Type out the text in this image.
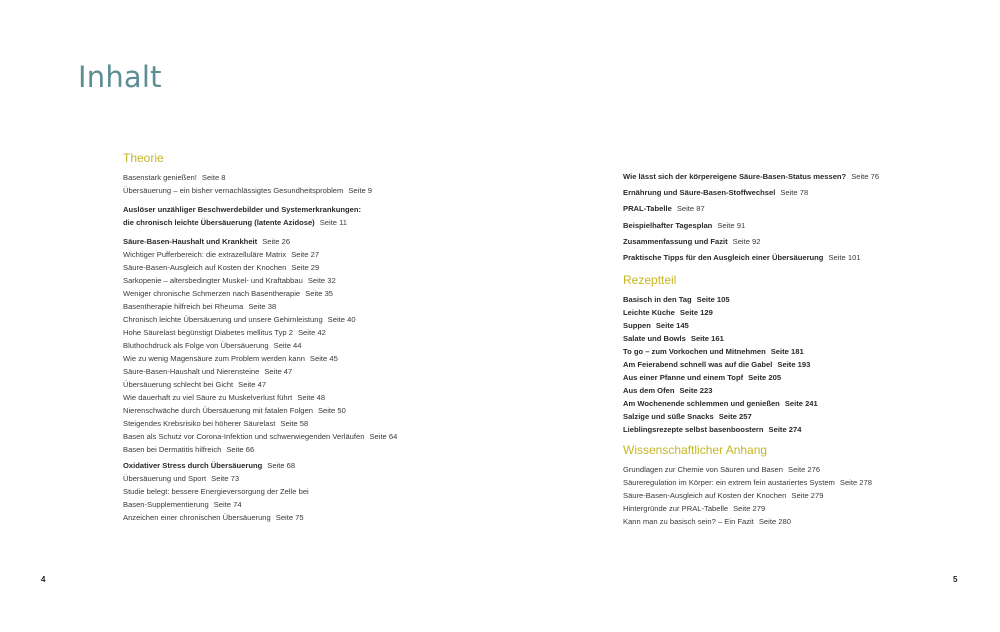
Inhalt
Theorie
Basenstark genießen! Seite 8
Übersäuerung – ein bisher vernachlässigtes Gesundheitsproblem Seite 9
Auslöser unzähliger Beschwerdebilder und Systemerkrankungen:
die chronisch leichte Übersäuerung (latente Azidose) Seite 11
Säure-Basen-Haushalt und Krankheit Seite 26
Wichtiger Pufferbereich: die extrazelluläre Matrix Seite 27
Säure-Basen-Ausgleich auf Kosten der Knochen Seite 29
Sarkopenie – altersbedingter Muskel- und Kraftabbau Seite 32
Weniger chronische Schmerzen nach Basentherapie Seite 35
Basentherapie hilfreich bei Rheuma Seite 38
Chronisch leichte Übersäuerung und unsere Gehirnleistung Seite 40
Hohe Säurelast begünstigt Diabetes mellitus Typ 2 Seite 42
Bluthochdruck als Folge von Übersäuerung Seite 44
Wie zu wenig Magensäure zum Problem werden kann Seite 45
Säure-Basen-Haushalt und Nierensteine Seite 47
Übersäuerung schlecht bei Gicht Seite 47
Wie dauerhaft zu viel Säure zu Muskelverlust führt Seite 48
Nierenschwäche durch Übersäuerung mit fatalen Folgen Seite 50
Steigendes Krebsrisiko bei höherer Säurelast Seite 58
Basen als Schutz vor Corona-Infektion und schwerwiegenden Verläufen Seite 64
Basen bei Dermatitis hilfreich Seite 66
Oxidativer Stress durch Übersäuerung Seite 68
Übersäuerung und Sport Seite 73
Studie belegt: bessere Energieversorgung der Zelle bei
Basen-Supplementierung Seite 74
Anzeichen einer chronischen Übersäuerung Seite 75
Wie lässt sich der körpereigene Säure-Basen-Status messen? Seite 76
Ernährung und Säure-Basen-Stoffwechsel Seite 78
PRAL-Tabelle Seite 87
Beispielhafter Tagesplan Seite 91
Zusammenfassung und Fazit Seite 92
Praktische Tipps für den Ausgleich einer Übersäuerung Seite 101
Rezeptteil
Basisch in den Tag Seite 105
Leichte Küche Seite 129
Suppen Seite 145
Salate und Bowls Seite 161
To go – zum Vorkochen und Mitnehmen Seite 181
Am Feierabend schnell was auf die Gabel Seite 193
Aus einer Pfanne und einem Topf Seite 205
Aus dem Ofen Seite 223
Am Wochenende schlemmen und genießen Seite 241
Salzige und süße Snacks Seite 257
Lieblingsrezepte selbst basenboostern Seite 274
Wissenschaftlicher Anhang
Grundlagen zur Chemie von Säuren und Basen Seite 276
Säureregulation im Körper: ein extrem fein austariertes System Seite 278
Säure-Basen-Ausgleich auf Kosten der Knochen Seite 279
Hintergründe zur PRAL-Tabelle Seite 279
Kann man zu basisch sein? – Ein Fazit Seite 280
4	5
